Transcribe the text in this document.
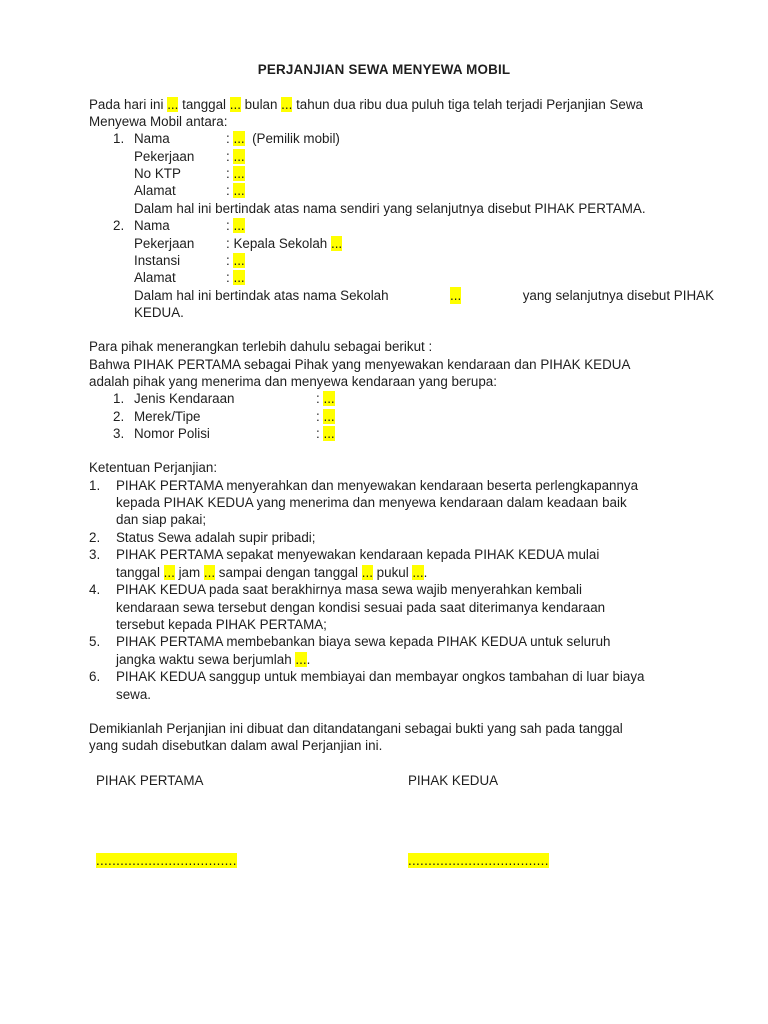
PERJANJIAN SEWA MENYEWA MOBIL
Pada hari ini ... tanggal ... bulan ... tahun dua ribu dua puluh tiga telah terjadi Perjanjian Sewa
Menyewa Mobil antara:
1. Nama	: ... (Pemilik mobil)
Pekerjaan : ...
No KTP	: ...
Alamat	: ...
Dalam hal ini bertindak atas nama sendiri yang selanjutnya disebut PIHAK PERTAMA.
2. Nama	: ...
Pekerjaan : Kepala Sekolah ...
Instansi	: ...
Alamat	: ...
Dalam hal ini bertindak atas nama Sekolah	...	yang selanjutnya disebut PIHAK
KEDUA.
Para pihak menerangkan terlebih dahulu sebagai berikut :
Bahwa PIHAK PERTAMA sebagai Pihak yang menyewakan kendaraan dan PIHAK KEDUA
adalah pihak yang menerima dan menyewa kendaraan yang berupa:
1. Jenis Kendaraan	: ...
2. Merek/Tipe	: ...
3. Nomor Polisi	: ...
Ketentuan Perjanjian:
1. PIHAK PERTAMA menyerahkan dan menyewakan kendaraan beserta perlengkapannya
kepada PIHAK KEDUA yang menerima dan menyewa kendaraan dalam keadaan baik
dan siap pakai;
2. Status Sewa adalah supir pribadi;
3. PIHAK PERTAMA sepakat menyewakan kendaraan kepada PIHAK KEDUA mulai
tanggal ... jam ... sampai dengan tanggal ... pukul ....
4. PIHAK KEDUA pada saat berakhirnya masa sewa wajib menyerahkan kembali
kendaraan sewa tersebut dengan kondisi sesuai pada saat diterimanya kendaraan
tersebut kepada PIHAK PERTAMA;
5. PIHAK PERTAMA membebankan biaya sewa kepada PIHAK KEDUA untuk seluruh
jangka waktu sewa berjumlah ....
6. PIHAK KEDUA sanggup untuk membiayai dan membayar ongkos tambahan di luar biaya
sewa.
Demikianlah Perjanjian ini dibuat dan ditandatangani sebagai bukti yang sah pada tanggal
yang sudah disebutkan dalam awal Perjanjian ini.
PIHAK PERTAMA	PIHAK KEDUA
...................................	...................................
